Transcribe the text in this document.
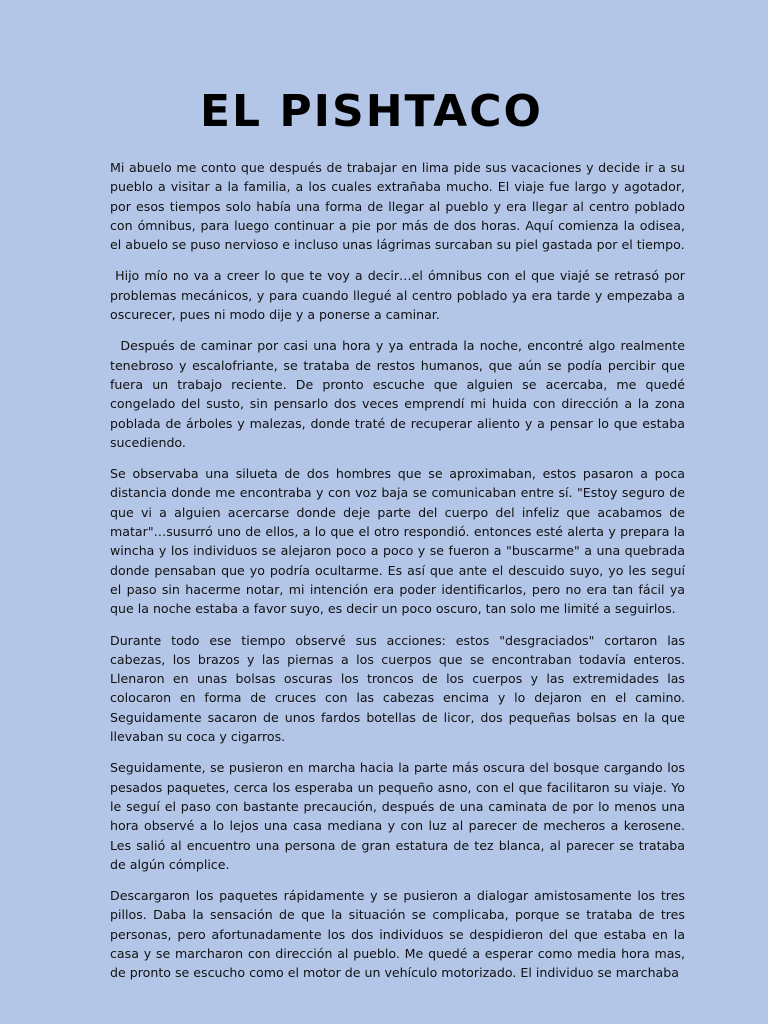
EL PISHTACO

Mi abuelo me conto que después de trabajar en lima pide sus vacaciones y decide ir a su pueblo a visitar a la familia, a los cuales extrañaba mucho. El viaje fue largo y agotador, por esos tiempos solo había una forma de llegar al pueblo y era llegar al centro poblado con ómnibus, para luego continuar a pie por más de dos horas. Aquí comienza la odisea, el abuelo se puso nervioso e incluso unas lágrimas surcaban su piel gastada por el tiempo.

Hijo mío no va a creer lo que te voy a decir…el ómnibus con el que viajé se retrasó por problemas mecánicos, y para cuando llegué al centro poblado ya era tarde y empezaba a oscurecer, pues ni modo dije y a ponerse a caminar.

Después de caminar por casi una hora y ya entrada la noche, encontré algo realmente tenebroso y escalofriante, se trataba de restos humanos, que aún se podía percibir que fuera un trabajo reciente. De pronto escuche que alguien se acercaba, me quedé congelado del susto, sin pensarlo dos veces emprendí mi huida con dirección a la zona poblada de árboles y malezas, donde traté de recuperar aliento y a pensar lo que estaba sucediendo.

Se observaba una silueta de dos hombres que se aproximaban, estos pasaron a poca distancia donde me encontraba y con voz baja se comunicaban entre sí. "Estoy seguro de que vi a alguien acercarse donde deje parte del cuerpo del infeliz que acabamos de matar"…susurró uno de ellos, a lo que el otro respondió. entonces esté alerta y prepara la wincha y los individuos se alejaron poco a poco y se fueron a "buscarme" a una quebrada donde pensaban que yo podría ocultarme. Es así que ante el descuido suyo, yo les seguí el paso sin hacerme notar, mi intención era poder identificarlos, pero no era tan fácil ya que la noche estaba a favor suyo, es decir un poco oscuro, tan solo me limité a seguirlos.

Durante todo ese tiempo observé sus acciones: estos "desgraciados" cortaron las cabezas, los brazos y las piernas a los cuerpos que se encontraban todavía enteros. Llenaron en unas bolsas oscuras los troncos de los cuerpos y las extremidades las colocaron en forma de cruces con las cabezas encima y lo dejaron en el camino. Seguidamente sacaron de unos fardos botellas de licor, dos pequeñas bolsas en la que llevaban su coca y cigarros.

Seguidamente, se pusieron en marcha hacia la parte más oscura del bosque cargando los pesados paquetes, cerca los esperaba un pequeño asno, con el que facilitaron su viaje. Yo le seguí el paso con bastante precaución, después de una caminata de por lo menos una hora observé a lo lejos una casa mediana y con luz al parecer de mecheros a kerosene. Les salió al encuentro una persona de gran estatura de tez blanca, al parecer se trataba de algún cómplice.

Descargaron los paquetes rápidamente y se pusieron a dialogar amistosamente los tres pillos. Daba la sensación de que la situación se complicaba, porque se trataba de tres personas, pero afortunadamente los dos individuos se despidieron del que estaba en la casa y se marcharon con dirección al pueblo. Me quedé a esperar como media hora mas, de pronto se escucho como el motor de un vehículo motorizado. El individuo se marchaba
